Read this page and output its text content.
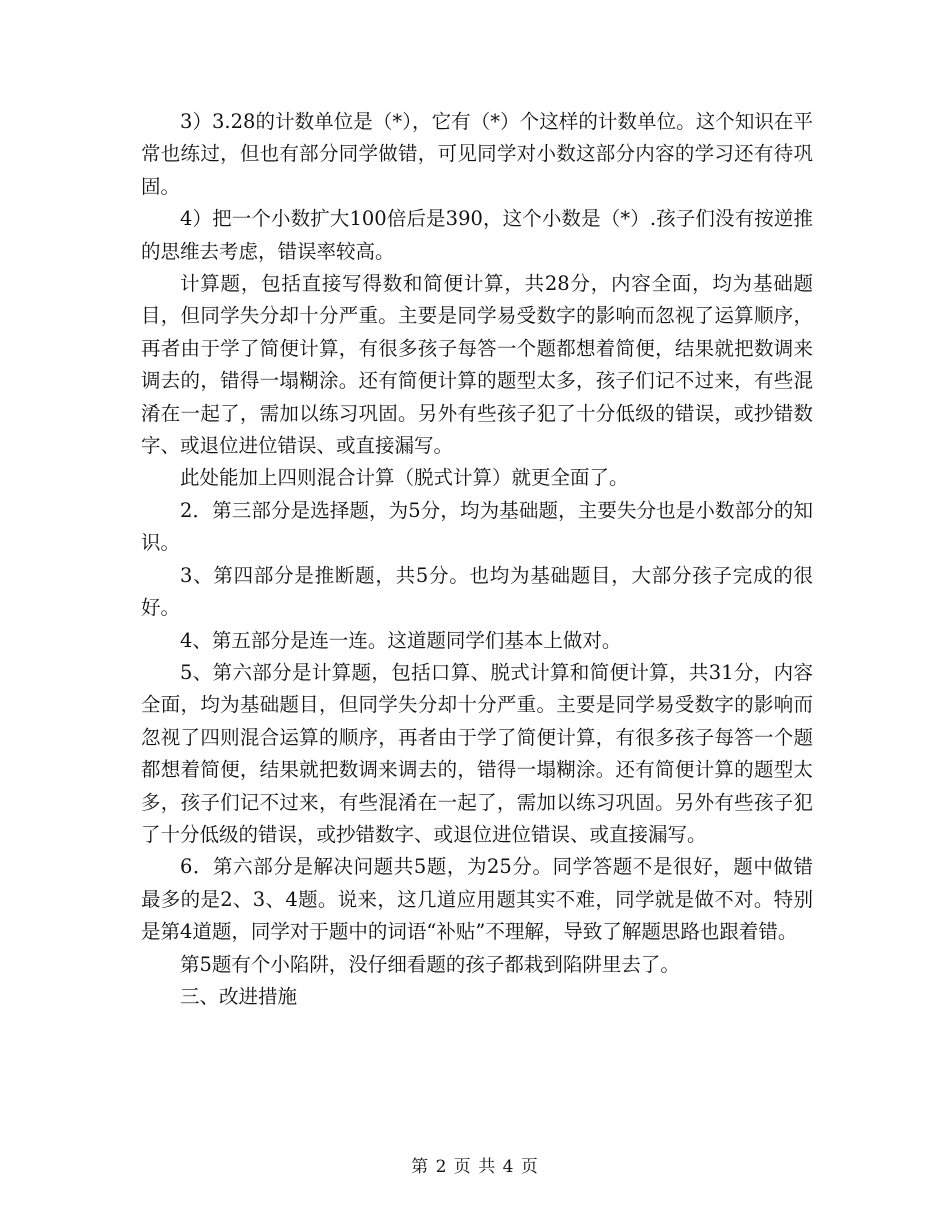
3）3.28的计数单位是（*），它有（*）个这样的计数单位。这个知识在平常也练过，但也有部分同学做错，可见同学对小数这部分内容的学习还有待巩固。

4）把一个小数扩大100倍后是390，这个小数是（*）.孩子们没有按逆推的思维去考虑，错误率较高。

计算题，包括直接写得数和简便计算，共28分，内容全面，均为基础题目，但同学失分却十分严重。主要是同学易受数字的影响而忽视了运算顺序，再者由于学了简便计算，有很多孩子每答一个题都想着简便，结果就把数调来调去的，错得一塌糊涂。还有简便计算的题型太多，孩子们记不过来，有些混淆在一起了，需加以练习巩固。另外有些孩子犯了十分低级的错误，或抄错数字、或退位进位错误、或直接漏写。

此处能加上四则混合计算（脱式计算）就更全面了。

2．第三部分是选择题，为5分，均为基础题，主要失分也是小数部分的知识。

3、第四部分是推断题，共5分。也均为基础题目，大部分孩子完成的很好。

4、第五部分是连一连。这道题同学们基本上做对。

5、第六部分是计算题，包括口算、脱式计算和简便计算，共31分，内容全面，均为基础题目，但同学失分却十分严重。主要是同学易受数字的影响而忽视了四则混合运算的顺序，再者由于学了简便计算，有很多孩子每答一个题都想着简便，结果就把数调来调去的，错得一塌糊涂。还有简便计算的题型太多，孩子们记不过来，有些混淆在一起了，需加以练习巩固。另外有些孩子犯了十分低级的错误，或抄错数字、或退位进位错误、或直接漏写。

6．第六部分是解决问题共5题，为25分。同学答题不是很好，题中做错最多的是2、3、4题。说来，这几道应用题其实不难，同学就是做不对。特别是第4道题，同学对于题中的词语“补贴”不理解，导致了解题思路也跟着错。

第5题有个小陷阱，没仔细看题的孩子都栽到陷阱里去了。

三、改进措施

第 2 页 共 4 页
